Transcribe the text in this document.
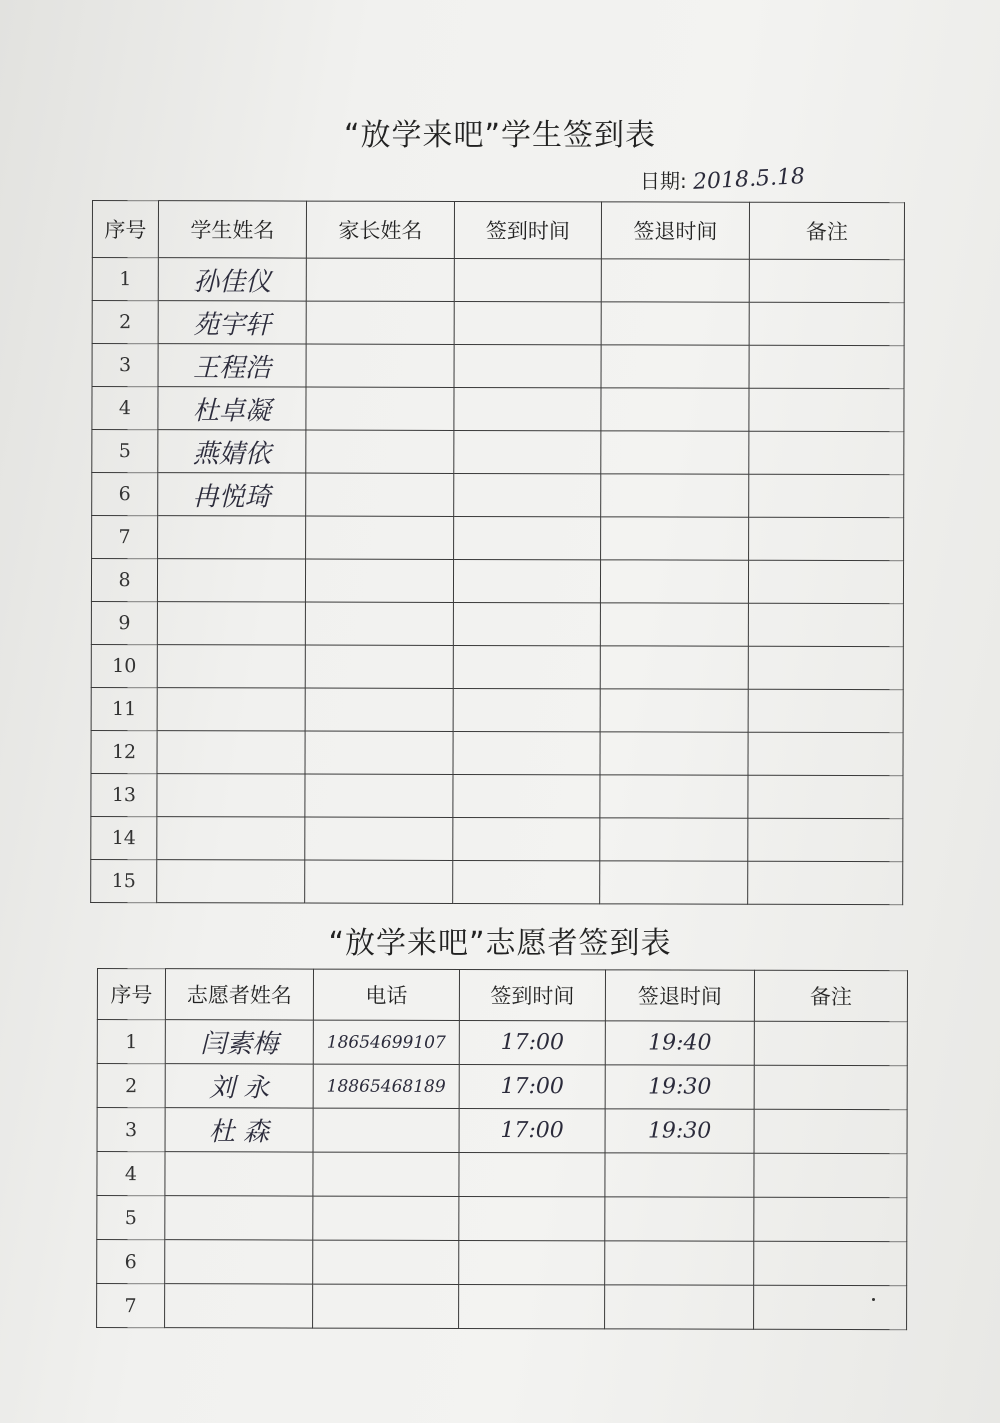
“放学来吧”学生签到表
日期: 2018.5.18
序号	学生姓名	家长姓名	签到时间	签退时间	备注
1	孙佳仪				
2	苑宇轩				
3	王程浩				
4	杜卓凝				
5	燕婧依				
6	冉悦琦				
7					
8					
9					
10					
11					
12					
13					
14					
15					
“放学来吧”志愿者签到表
序号	志愿者姓名	电话	签到时间	签退时间	备注
1	闫素梅	18654699107	17:00	19:40	
2	刘 永	18865468189	17:00	19:30	
3	杜 森		17:00	19:30	
4					
5					
6					
7					
